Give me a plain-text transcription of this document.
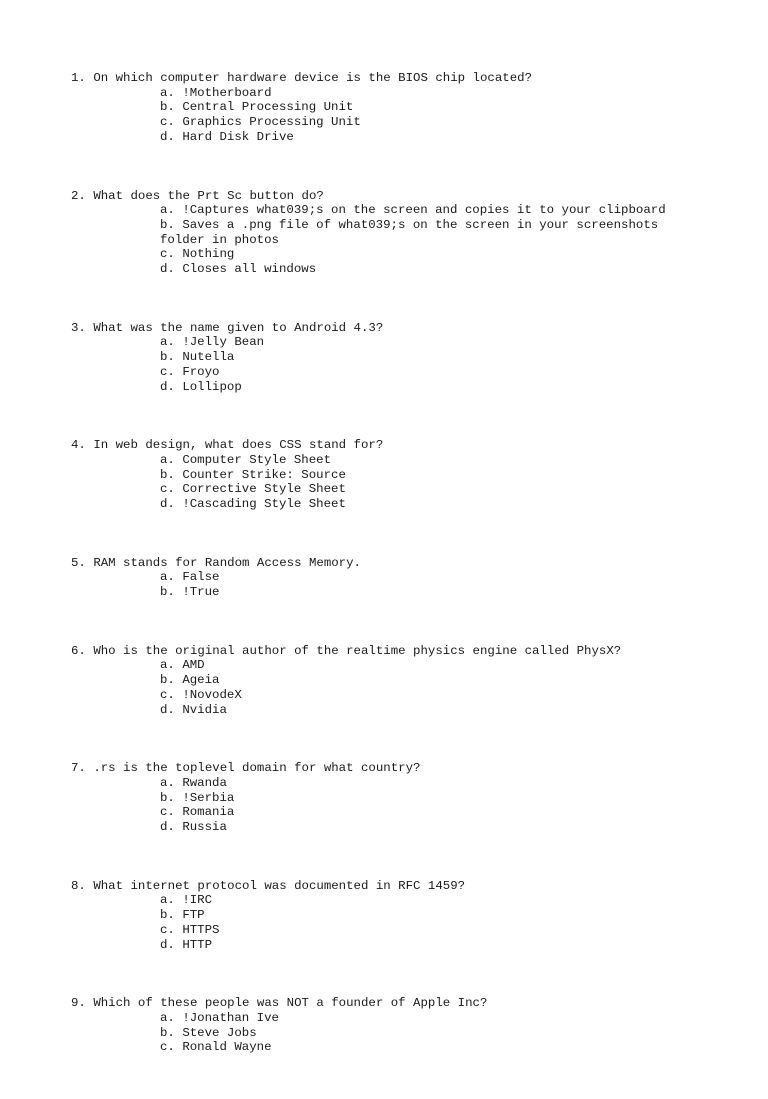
1. On which computer hardware device is the BIOS chip located?
a. !Motherboard
b. Central Processing Unit
c. Graphics Processing Unit
d. Hard Disk Drive
2. What does the Prt Sc button do?
a. !Captures what039;s on the screen and copies it to your clipboard
b. Saves a .png file of what039;s on the screen in your screenshots folder in photos
c. Nothing
d. Closes all windows
3. What was the name given to Android 4.3?
a. !Jelly Bean
b. Nutella
c. Froyo
d. Lollipop
4. In web design, what does CSS stand for?
a. Computer Style Sheet
b. Counter Strike: Source
c. Corrective Style Sheet
d. !Cascading Style Sheet
5. RAM stands for Random Access Memory.
a. False
b. !True
6. Who is the original author of the realtime physics engine called PhysX?
a. AMD
b. Ageia
c. !NovodeX
d. Nvidia
7. .rs is the toplevel domain for what country?
a. Rwanda
b. !Serbia
c. Romania
d. Russia
8. What internet protocol was documented in RFC 1459?
a. !IRC
b. FTP
c. HTTPS
d. HTTP
9. Which of these people was NOT a founder of Apple Inc?
a. !Jonathan Ive
b. Steve Jobs
c. Ronald Wayne
